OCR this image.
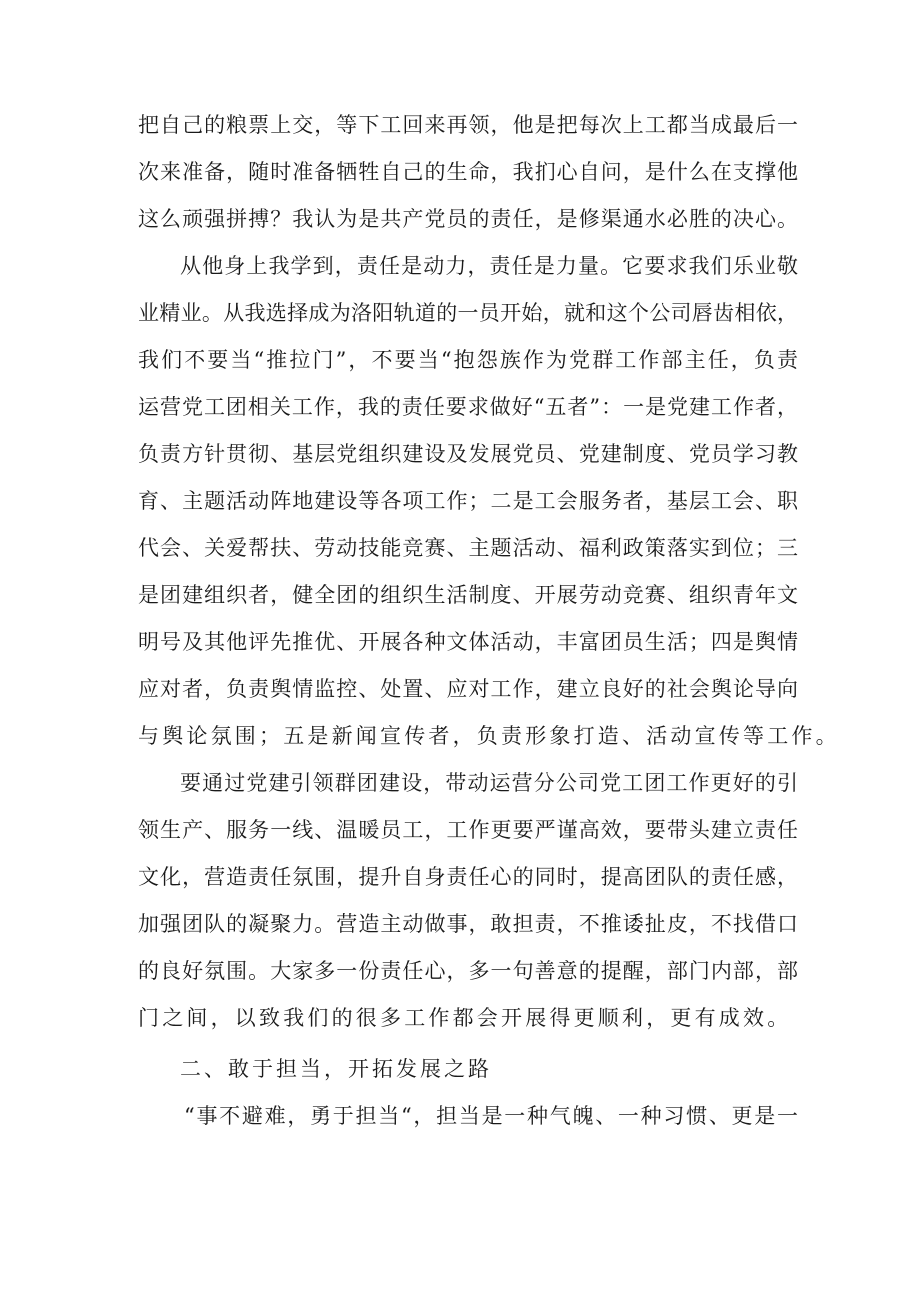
把自己的粮票上交，等下工回来再领，他是把每次上工都当成最后一
次来准备，随时准备牺牲自己的生命，我扪心自问，是什么在支撑他
这么顽强拼搏？我认为是共产党员的责任，是修渠通水必胜的决心。
从他身上我学到，责任是动力，责任是力量。它要求我们乐业敬
业精业。从我选择成为洛阳轨道的一员开始，就和这个公司唇齿相依，
我们不要当“推拉门”，不要当“抱怨族作为党群工作部主任，负责
运营党工团相关工作，我的责任要求做好“五者”：一是党建工作者，
负责方针贯彻、基层党组织建设及发展党员、党建制度、党员学习教
育、主题活动阵地建设等各项工作；二是工会服务者，基层工会、职
代会、关爱帮扶、劳动技能竞赛、主题活动、福利政策落实到位；三
是团建组织者，健全团的组织生活制度、开展劳动竞赛、组织青年文
明号及其他评先推优、开展各种文体活动，丰富团员生活；四是舆情
应对者，负责舆情监控、处置、应对工作，建立良好的社会舆论导向
与舆论氛围；五是新闻宣传者，负责形象打造、活动宣传等工作。
要通过党建引领群团建设，带动运营分公司党工团工作更好的引
领生产、服务一线、温暖员工，工作更要严谨高效，要带头建立责任
文化，营造责任氛围，提升自身责任心的同时，提高团队的责任感，
加强团队的凝聚力。营造主动做事，敢担责，不推诿扯皮，不找借口
的良好氛围。大家多一份责任心，多一句善意的提醒，部门内部，部
门之间，以致我们的很多工作都会开展得更顺利，更有成效。
二、敢于担当，开拓发展之路
“事不避难，勇于担当“，担当是一种气魄、一种习惯、更是一
